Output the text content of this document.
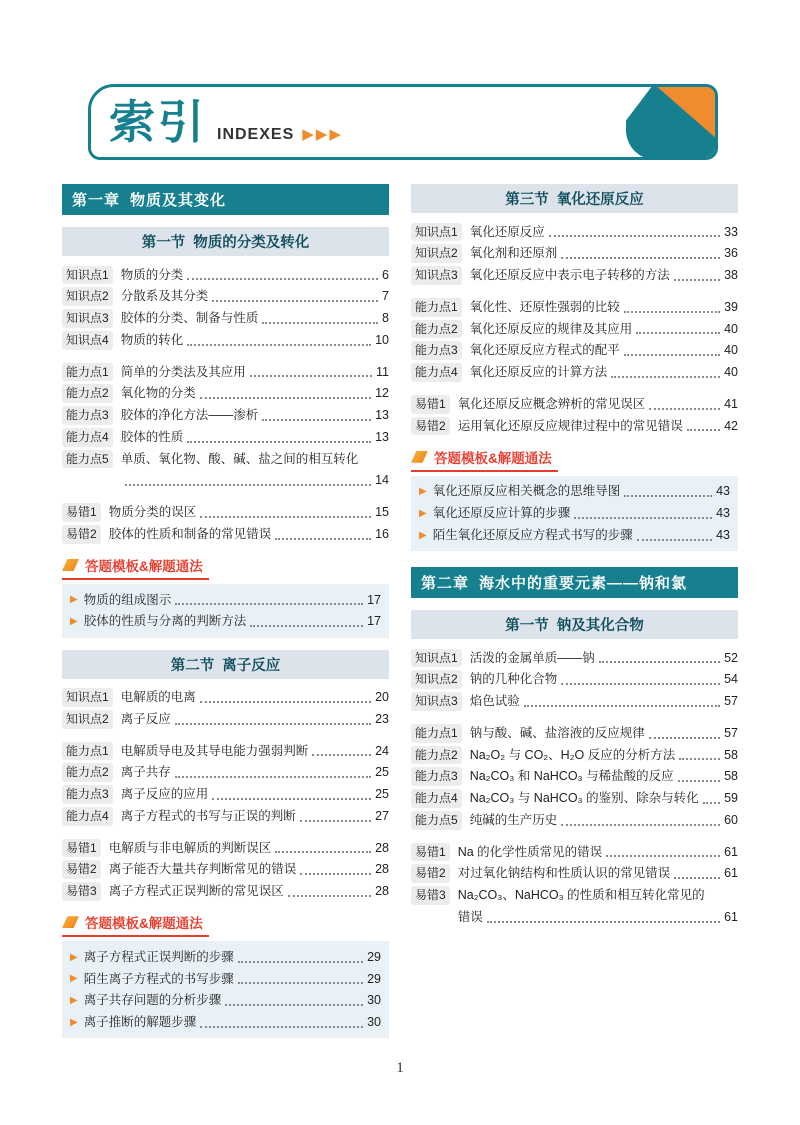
索引 INDEXES ▶▶▶
第一章 物质及其变化
第一节 物质的分类及转化
知识点1 物质的分类	6
知识点2 分散系及其分类	7
知识点3 胶体的分类、制备与性质	8
知识点4 物质的转化	10
能力点1 简单的分类法及其应用	11
能力点2 氧化物的分类	12
能力点3 胶体的净化方法——渗析	13
能力点4 胶体的性质	13
能力点5 单质、氧化物、酸、碱、盐之间的相互转化
14
易错1 物质分类的误区	15
易错2 胶体的性质和制备的常见错误	16
答题模板&解题通法
▶ 物质的组成图示	17
▶ 胶体的性质与分离的判断方法	17
第二节 离子反应
知识点1 电解质的电离	20
知识点2 离子反应	23
能力点1 电解质导电及其导电能力强弱判断	24
能力点2 离子共存	25
能力点3 离子反应的应用	25
能力点4 离子方程式的书写与正误的判断	27
易错1 电解质与非电解质的判断误区	28
易错2 离子能否大量共存判断常见的错误	28
易错3 离子方程式正误判断的常见误区	28
答题模板&解题通法
▶ 离子方程式正误判断的步骤	29
▶ 陌生离子方程式的书写步骤	29
▶ 离子共存问题的分析步骤	30
▶ 离子推断的解题步骤	30
第三节 氧化还原反应
知识点1 氧化还原反应	33
知识点2 氧化剂和还原剂	36
知识点3 氧化还原反应中表示电子转移的方法	38
能力点1 氧化性、还原性强弱的比较	39
能力点2 氧化还原反应的规律及其应用	40
能力点3 氧化还原反应方程式的配平	40
能力点4 氧化还原反应的计算方法	40
易错1 氧化还原反应概念辨析的常见误区	41
易错2 运用氧化还原反应规律过程中的常见错误	42
答题模板&解题通法
▶ 氧化还原反应相关概念的思维导图	43
▶ 氧化还原反应计算的步骤	43
▶ 陌生氧化还原反应方程式书写的步骤	43
第二章 海水中的重要元素——钠和氯
第一节 钠及其化合物
知识点1 活泼的金属单质——钠	52
知识点2 钠的几种化合物	54
知识点3 焰色试验	57
能力点1 钠与酸、碱、盐溶液的反应规律	57
能力点2 Na₂O₂ 与 CO₂、H₂O 反应的分析方法	58
能力点3 Na₂CO₃ 和 NaHCO₃ 与稀盐酸的反应	58
能力点4 Na₂CO₃ 与 NaHCO₃ 的鉴别、除杂与转化 59
能力点5 纯碱的生产历史	60
易错1 Na 的化学性质常见的错误	61
易错2 对过氧化钠结构和性质认识的常见错误	61
易错3 Na₂CO₃、NaHCO₃ 的性质和相互转化常见的
错误	61
1
